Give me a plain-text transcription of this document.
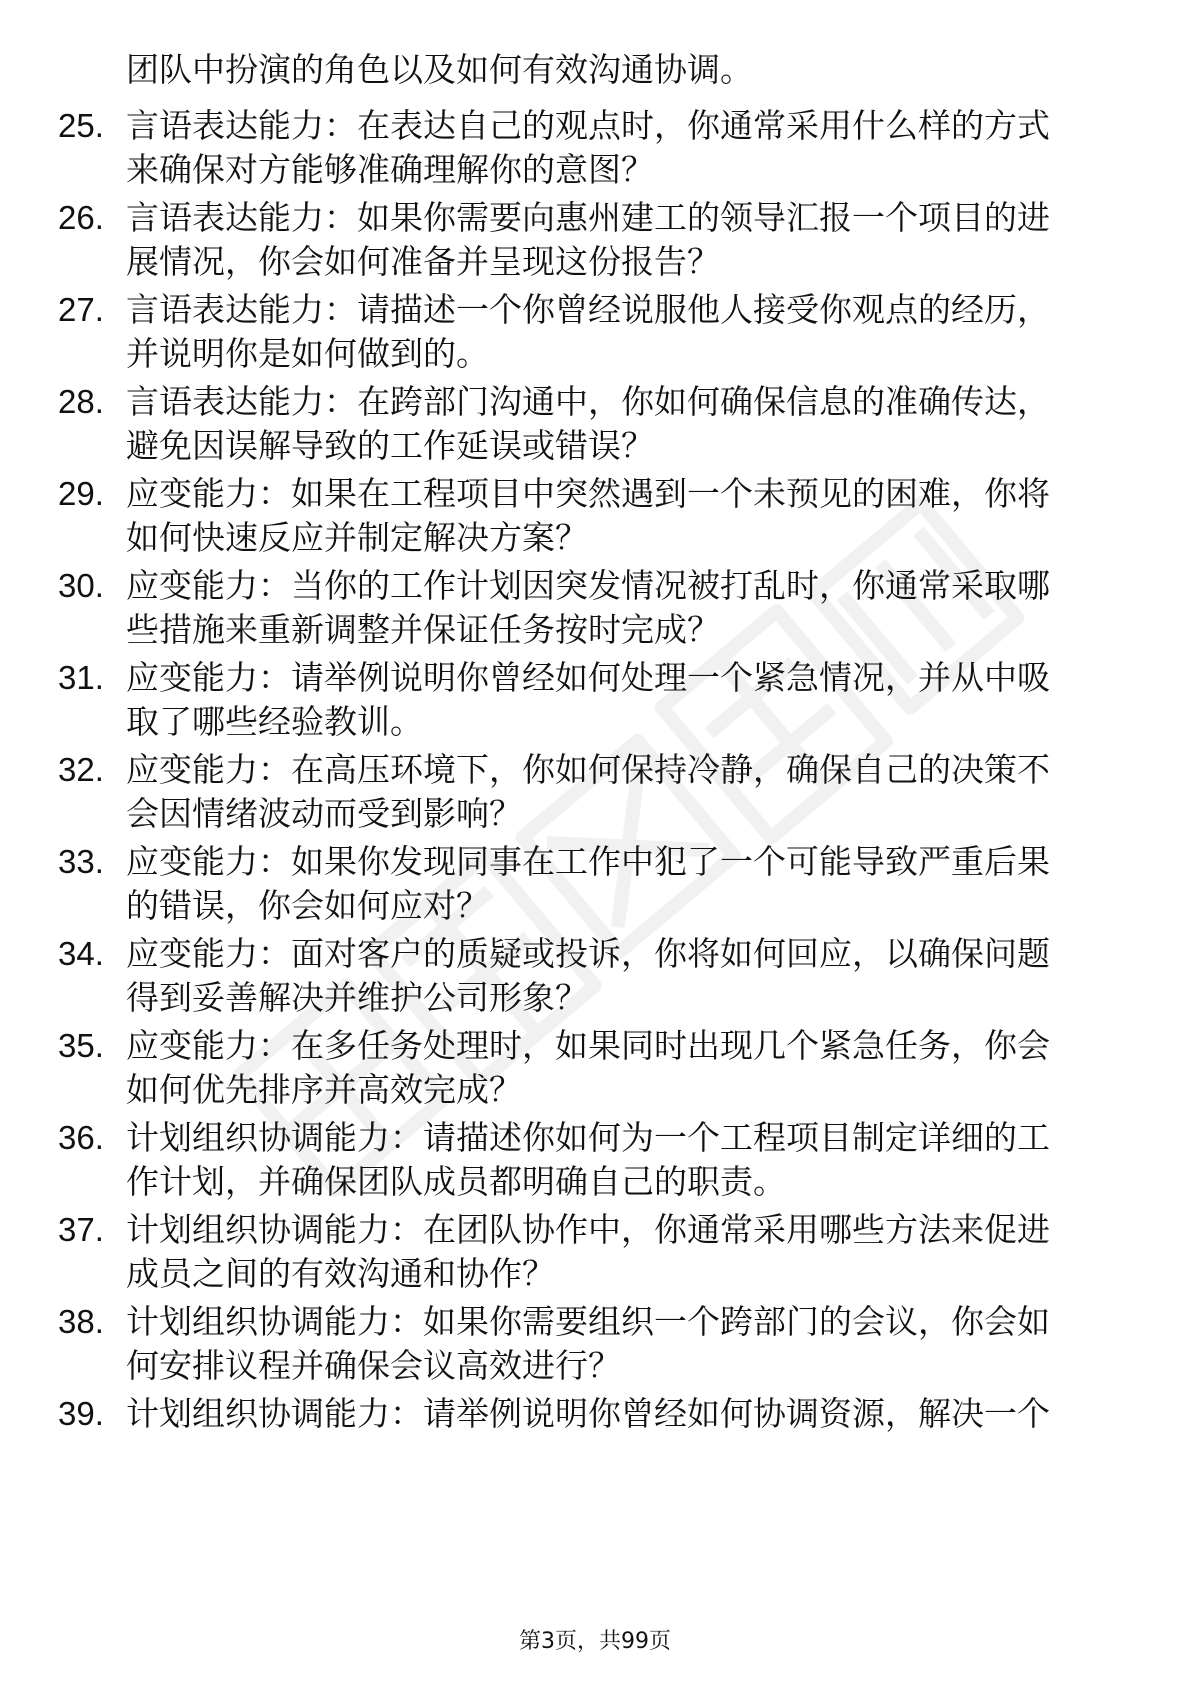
团队中扮演的角色以及如何有效沟通协调。
25. 言语表达能力：在表达自己的观点时，你通常采用什么样的方式
来确保对方能够准确理解你的意图？
26. 言语表达能力：如果你需要向惠州建工的领导汇报一个项目的进
展情况，你会如何准备并呈现这份报告？
27. 言语表达能力：请描述一个你曾经说服他人接受你观点的经历，
并说明你是如何做到的。
28. 言语表达能力：在跨部门沟通中，你如何确保信息的准确传达，
避免因误解导致的工作延误或错误？
29. 应变能力：如果在工程项目中突然遇到一个未预见的困难，你将
如何快速反应并制定解决方案？
30. 应变能力：当你的工作计划因突发情况被打乱时，你通常采取哪
些措施来重新调整并保证任务按时完成？
31. 应变能力：请举例说明你曾经如何处理一个紧急情况，并从中吸
取了哪些经验教训。
32. 应变能力：在高压环境下，你如何保持冷静，确保自己的决策不
会因情绪波动而受到影响？
33. 应变能力：如果你发现同事在工作中犯了一个可能导致严重后果
的错误，你会如何应对？
34. 应变能力：面对客户的质疑或投诉，你将如何回应，以确保问题
得到妥善解决并维护公司形象？
35. 应变能力：在多任务处理时，如果同时出现几个紧急任务，你会
如何优先排序并高效完成？
36. 计划组织协调能力：请描述你如何为一个工程项目制定详细的工
作计划，并确保团队成员都明确自己的职责。
37. 计划组织协调能力：在团队协作中，你通常采用哪些方法来促进
成员之间的有效沟通和协作？
38. 计划组织协调能力：如果你需要组织一个跨部门的会议，你会如
何安排议程并确保会议高效进行？
39. 计划组织协调能力：请举例说明你曾经如何协调资源，解决一个
第3页，共99页
